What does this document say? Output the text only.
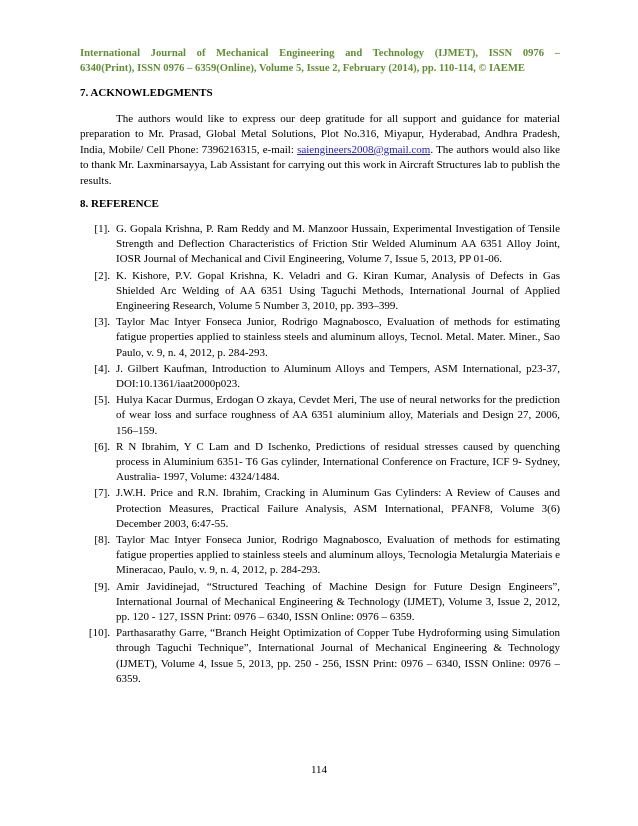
International Journal of Mechanical Engineering and Technology (IJMET), ISSN 0976 –
6340(Print), ISSN 0976 – 6359(Online), Volume 5, Issue 2, February (2014), pp. 110-114, © IAEME
7. ACKNOWLEDGMENTS
The authors would like to express our deep gratitude for all support and guidance for material preparation to Mr. Prasad, Global Metal Solutions, Plot No.316, Miyapur, Hyderabad, Andhra Pradesh, India, Mobile/ Cell Phone: 7396216315, e-mail: saiengineers2008@gmail.com. The authors would also like to thank Mr. Laxminarsayya, Lab Assistant for carrying out this work in Aircraft Structures lab to publish the results.
8. REFERENCE
[1]. G. Gopala Krishna, P. Ram Reddy and M. Manzoor Hussain, Experimental Investigation of Tensile Strength and Deflection Characteristics of Friction Stir Welded Aluminum AA 6351 Alloy Joint, IOSR Journal of Mechanical and Civil Engineering, Volume 7, Issue 5, 2013, PP 01-06.
[2]. K. Kishore, P.V. Gopal Krishna, K. Veladri and G. Kiran Kumar, Analysis of Defects in Gas Shielded Arc Welding of AA 6351 Using Taguchi Methods, International Journal of Applied Engineering Research, Volume 5 Number 3, 2010, pp. 393–399.
[3]. Taylor Mac Intyer Fonseca Junior, Rodrigo Magnabosco, Evaluation of methods for estimating fatigue properties applied to stainless steels and aluminum alloys, Tecnol. Metal. Mater. Miner., Sao Paulo, v. 9, n. 4, 2012, p. 284-293.
[4]. J. Gilbert Kaufman, Introduction to Aluminum Alloys and Tempers, ASM International, p23-37, DOI:10.1361/iaat2000p023.
[5]. Hulya Kacar Durmus, Erdogan O zkaya, Cevdet Meri, The use of neural networks for the prediction of wear loss and surface roughness of AA 6351 aluminium alloy, Materials and Design 27, 2006, 156–159.
[6]. R N Ibrahim, Y C Lam and D Ischenko, Predictions of residual stresses caused by quenching process in Aluminium 6351- T6 Gas cylinder, International Conference on Fracture, ICF 9- Sydney, Australia- 1997, Volume: 4324/1484.
[7]. J.W.H. Price and R.N. Ibrahim, Cracking in Aluminum Gas Cylinders: A Review of Causes and Protection Measures, Practical Failure Analysis, ASM International, PFANF8, Volume 3(6) December 2003, 6:47-55.
[8]. Taylor Mac Intyer Fonseca Junior, Rodrigo Magnabosco, Evaluation of methods for estimating fatigue properties applied to stainless steels and aluminum alloys, Tecnologia Metalurgia Materiais e Mineracao, Paulo, v. 9, n. 4, 2012, p. 284-293.
[9]. Amir Javidinejad, “Structured Teaching of Machine Design for Future Design Engineers”, International Journal of Mechanical Engineering & Technology (IJMET), Volume 3, Issue 2, 2012, pp. 120 - 127, ISSN Print: 0976 – 6340, ISSN Online: 0976 – 6359.
[10]. Parthasarathy Garre, “Branch Height Optimization of Copper Tube Hydroforming using Simulation through Taguchi Technique”, International Journal of Mechanical Engineering & Technology (IJMET), Volume 4, Issue 5, 2013, pp. 250 - 256, ISSN Print: 0976 – 6340, ISSN Online: 0976 – 6359.
114
